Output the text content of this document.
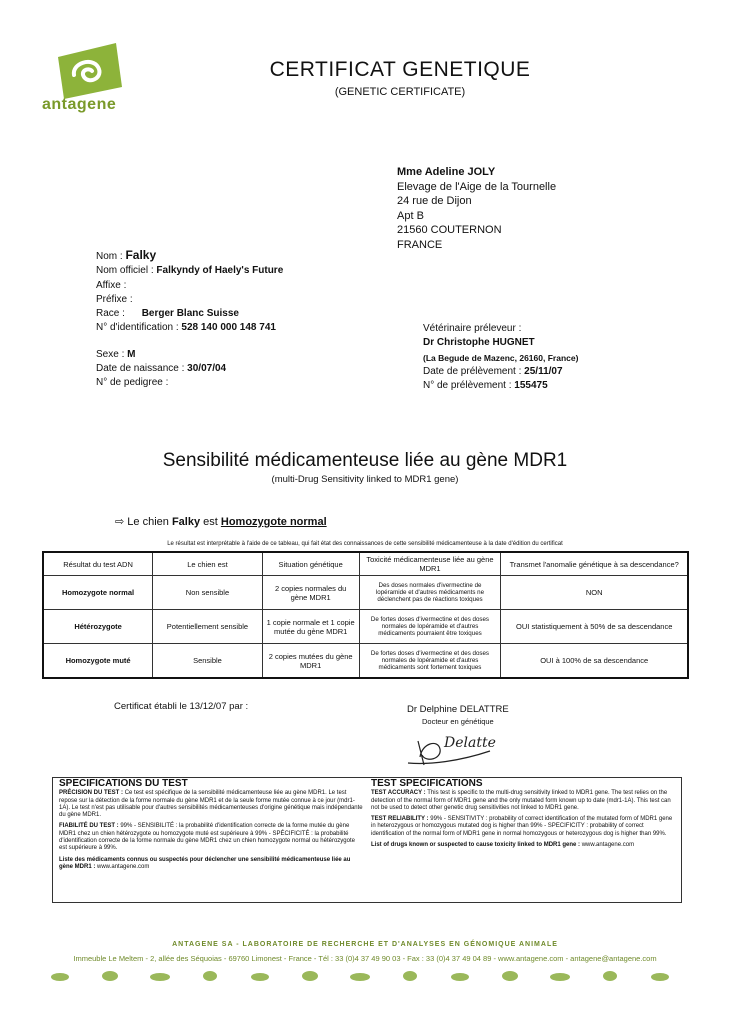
antagene
CERTIFICAT GENETIQUE
(GENETIC CERTIFICATE)
Mme Adeline JOLY
Elevage de l'Aige de la Tournelle
24 rue de Dijon
Apt B
21560 COUTERNON
FRANCE
Nom : Falky
Nom officiel : Falkyndy of Haely's Future
Affixe :
Préfixe :
Race : Berger Blanc Suisse
N° d'identification : 528 140 000 148 741
Sexe : M
Date de naissance : 30/07/04
N° de pedigree :
Vétérinaire préleveur :
Dr Christophe HUGNET
(La Begude de Mazenc, 26160, France)
Date de prélèvement : 25/11/07
N° de prélèvement : 155475
Sensibilité médicamenteuse liée au gène MDR1
(multi-Drug Sensitivity linked to MDR1 gene)
⇨ Le chien Falky est Homozygote normal
Le résultat est interprétable à l'aide de ce tableau, qui fait état des connaissances de cette sensibilité médicamenteuse à la date d'édition du certificat
Résultat du test ADN	Le chien est	Situation génétique	Toxicité médicamenteuse liée au gène MDR1	Transmet l'anomalie génétique à sa descendance?
Homozygote normal	Non sensible	2 copies normales du gène MDR1	Des doses normales d'ivermectine de lopéramide et d'autres médicaments ne déclenchent pas de réactions toxiques	NON
Hétérozygote	Potentiellement sensible	1 copie normale et 1 copie mutée du gène MDR1	De fortes doses d'ivermectine et des doses normales de lopéramide et d'autres médicaments pourraient être toxiques	OUI statistiquement à 50% de sa descendance
Homozygote muté	Sensible	2 copies mutées du gène MDR1	De fortes doses d'ivermectine et des doses normales de lopéramide et d'autres médicaments sont fortement toxiques	OUI à 100% de sa descendance
Certificat établi le 13/12/07 par :	Dr Delphine DELATTRE
Docteur en génétique
Delatte
SPECIFICATIONS DU TEST

PRÉCISION DU TEST : Ce test est spécifique de la sensibilité médicamenteuse liée au gène MDR1. Le test repose sur la détection de la forme normale du gène MDR1 et de la seule forme mutée connue à ce jour (mdr1-1A). Le test n'est pas utilisable pour d'autres sensibilités médicamenteuses d'origine génétique mais indépendante du gène MDR1.

FIABILITÉ DU TEST : 99% - SENSIBILITÉ : la probabilité d'identification correcte de la forme mutée du gène MDR1 chez un chien hétérozygote ou homozygote muté est supérieure à 99% - SPÉCIFICITÉ : la probabilité d'identification correcte de la forme normale du gène MDR1 chez un chien homozygote normal ou hétérozygote est supérieure à 99%.

Liste des médicaments connus ou suspectés pour déclencher une sensibilité médicamenteuse liée au gène MDR1 : www.antagene.com

TEST SPECIFICATIONS

TEST ACCURACY : This test is specific to the multi-drug sensitivity linked to MDR1 gene. The test relies on the detection of the normal form of MDR1 gene and the only mutated form known up to date (mdr1-1A). This test can not be used to detect other genetic drug sensitivities not linked to MDR1 gene.

TEST RELIABILITY : 99% - SENSITIVITY : probability of correct identification of the mutated form of MDR1 gene in heterozygous or homozygous mutated dog is higher than 99% - SPECIFICITY : probability of correct identification of the normal form of MDR1 gene in normal homozygous or heterozygous dog is higher than 99%.

List of drugs known or suspected to cause toxicity linked to MDR1 gene : www.antagene.com

ANTAGENE SA - LABORATOIRE DE RECHERCHE ET D'ANALYSES EN GÉNOMIQUE ANIMALE
Immeuble Le Meltem - 2, allée des Séquoias - 69760 Limonest - France - Tél : 33 (0)4 37 49 90 03 - Fax : 33 (0)4 37 49 04 89 - www.antagene.com - antagene@antagene.com
